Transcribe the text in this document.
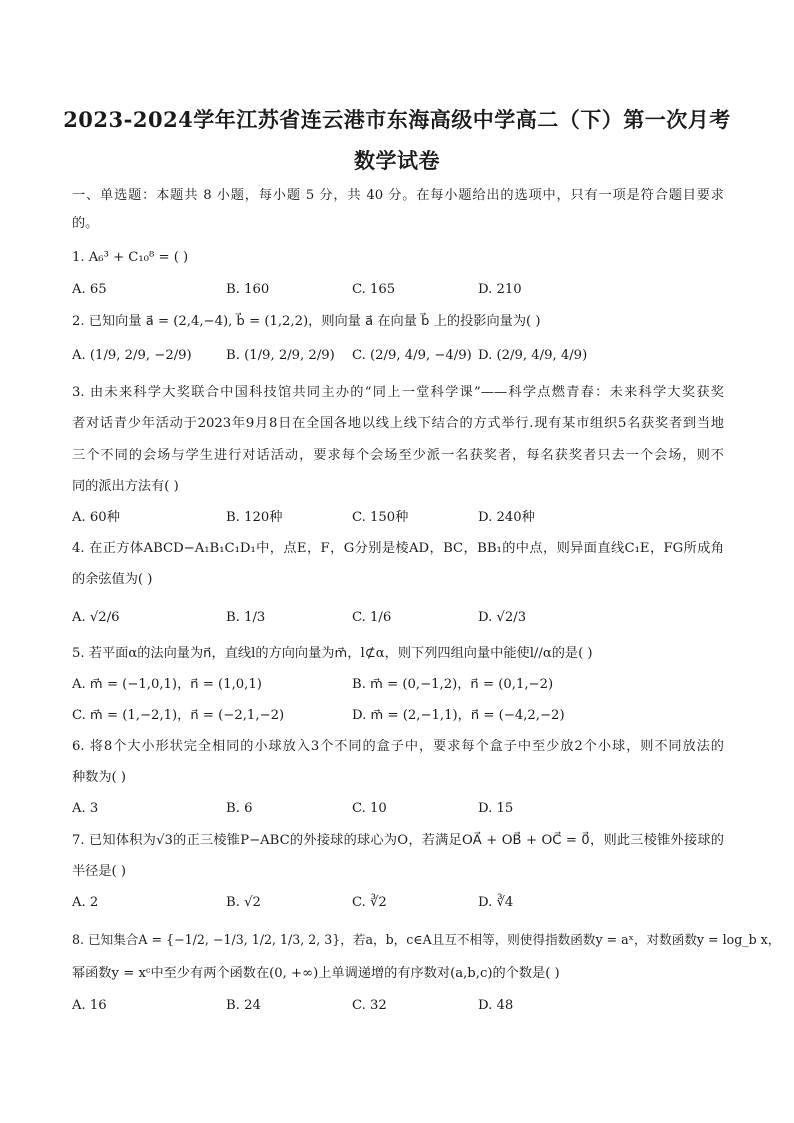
2023-2024学年江苏省连云港市东海高级中学高二（下）第一次月考
数学试卷
一、单选题：本题共 8 小题，每小题 5 分，共 40 分。在每小题给出的选项中，只有一项是符合题目要求
的。
1. A₆³ + C₁₀⁸ = ( )
A. 65	B. 160	C. 165	D. 210
2. 已知向量 a⃗ = (2,4,−4), b⃗ = (1,2,2)，则向量 a⃗ 在向量 b⃗ 上的投影向量为( )
A. (1/9, 2/9, −2/9)	B. (1/9, 2/9, 2/9) C. (2/9, 4/9, −4/9) D. (2/9, 4/9, 4/9)
3. 由未来科学大奖联合中国科技馆共同主办的“同上一堂科学课”——科学点燃青春：未来科学大奖获奖
者对话青少年活动于2023年9月8日在全国各地以线上线下结合的方式举行.现有某市组织5名获奖者到当地
三个不同的会场与学生进行对话活动，要求每个会场至少派一名获奖者，每名获奖者只去一个会场，则不
同的派出方法有( )
A. 60种	B. 120种	C. 150种	D. 240种
4. 在正方体ABCD−A₁B₁C₁D₁中，点E，F，G分别是棱AD，BC，BB₁的中点，则异面直线C₁E，FG所成角
的余弦值为( )
A. √2/6	B. 1/3	C. 1/6	D. √2/3
5. 若平面α的法向量为n⃗，直线l的方向向量为m⃗，l⊄α，则下列四组向量中能使l//α的是( )
A. m⃗ = (−1,0,1)，n⃗ = (1,0,1)	B. m⃗ = (0,−1,2)，n⃗ = (0,1,−2)
C. m⃗ = (1,−2,1)，n⃗ = (−2,1,−2)	D. m⃗ = (2,−1,1)，n⃗ = (−4,2,−2)
6. 将8个大小形状完全相同的小球放入3个不同的盒子中，要求每个盒子中至少放2个小球，则不同放法的
种数为( )
A. 3	B. 6	C. 10	D. 15
7. 已知体积为√3的正三棱锥P−ABC的外接球的球心为O，若满足OA⃗ + OB⃗ + OC⃗ = 0⃗，则此三棱锥外接球的
半径是( )
A. 2	B. √2	C. ∛2	D. ∛4
8. 已知集合A = {−1/2, −1/3, 1/2, 1/3, 2, 3}，若a，b，c∈A且互不相等，则使得指数函数y = aˣ，对数函数y = log_b x，
幂函数y = xᶜ中至少有两个函数在(0, +∞)上单调递增的有序数对(a,b,c)的个数是( )
A. 16	B. 24	C. 32	D. 48
